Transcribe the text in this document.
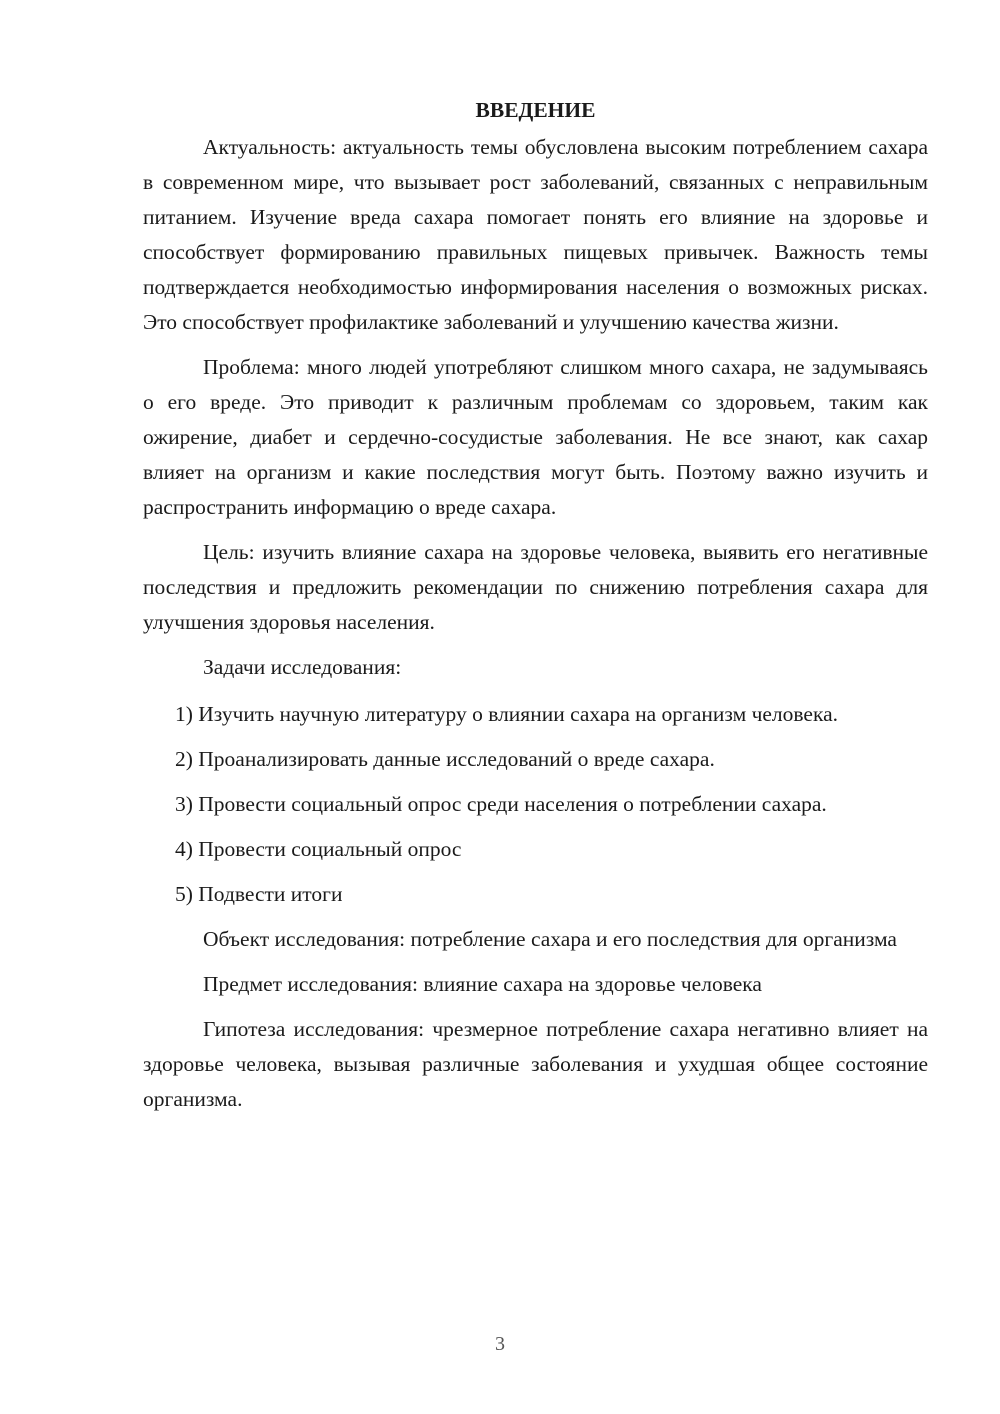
ВВЕДЕНИЕ

Актуальность: актуальность темы обусловлена высоким потреблением сахара в современном мире, что вызывает рост заболеваний, связанных с неправильным питанием. Изучение вреда сахара помогает понять его влияние на здоровье и способствует формированию правильных пищевых привычек. Важность темы подтверждается необходимостью информирования населения о возможных рисках. Это способствует профилактике заболеваний и улучшению качества жизни.

Проблема: много людей употребляют слишком много сахара, не задумываясь о его вреде. Это приводит к различным проблемам со здоровьем, таким как ожирение, диабет и сердечно-сосудистые заболевания. Не все знают, как сахар влияет на организм и какие последствия могут быть. Поэтому важно изучить и распространить информацию о вреде сахара.

Цель: изучить влияние сахара на здоровье человека, выявить его негативные последствия и предложить рекомендации по снижению потребления сахара для улучшения здоровья населения.

Задачи исследования:

1) Изучить научную литературу о влиянии сахара на организм человека.

2) Проанализировать данные исследований о вреде сахара.

3) Провести социальный опрос среди населения о потреблении сахара.

4) Провести социальный опрос

5) Подвести итоги

Объект исследования: потребление сахара и его последствия для организма

Предмет исследования: влияние сахара на здоровье человека

Гипотеза исследования: чрезмерное потребление сахара негативно влияет на здоровье человека, вызывая различные заболевания и ухудшая общее состояние организма.

3
